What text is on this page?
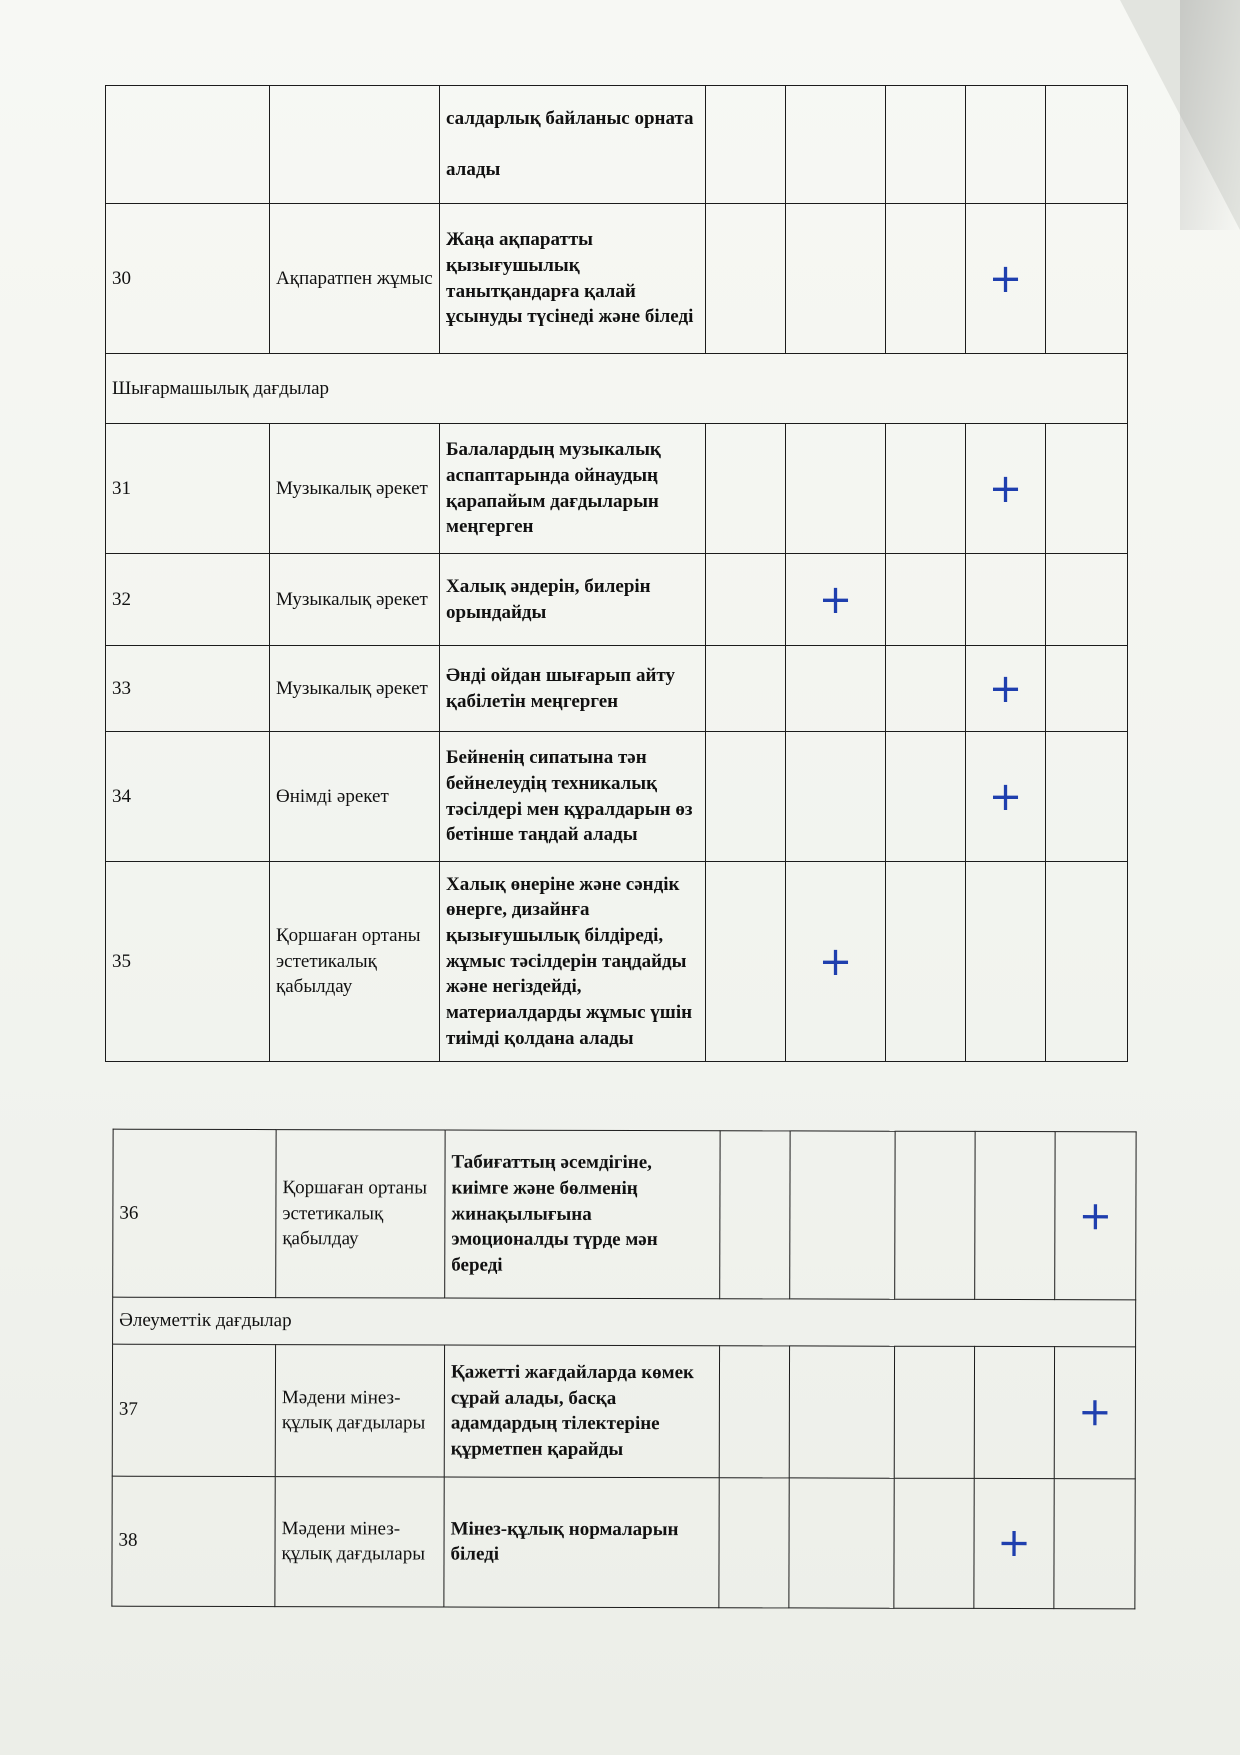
		салдарлық байланыс орната

алады					
30	Ақпаратпен жұмыс	Жаңа ақпаратты қызығушылық танытқандарға қалай ұсынуды түсінеді және біледі				+	

Шығармашылық дағдылар							
31	Музыкалық әрекет	Балалардың музыкалық аспаптарында ойнаудың қарапайым дағдыларын меңгерген				+	

32	Музыкалық әрекет	Халық әндерін, билерін орындайды		+			

33	Музыкалық әрекет	Әнді ойдан шығарып айту қабілетін меңгерген				+	

34	Өнімді әрекет	Бейненің сипатына тән бейнелеудің техникалық тәсілдері мен құралдарын өз бетінше таңдай алады				+	

35	Қоршаған ортаны эстетикалық қабылдау	Халық өнеріне және сәндік өнерге, дизайнға қызығушылық білдіреді, жұмыс тәсілдерін таңдайды және негіздейді, материалдарды жұмыс үшін тиімді қолдана алады		+			

36	Қоршаған ортаны эстетикалық қабылдау	Табиғаттың әсемдігіне, киімге және бөлменің жинақылығына эмоционалды түрде мән береді					+

Әлеуметтік дағдылар							
37	Мәдени мінез-құлық дағдылары	Қажетті жағдайларда көмек сұрай алады, басқа адамдардың тілектеріне құрметпен қарайды					+

38	Мәдени мінез-құлық дағдылары	Мінез-құлық нормаларын біледі				+	
